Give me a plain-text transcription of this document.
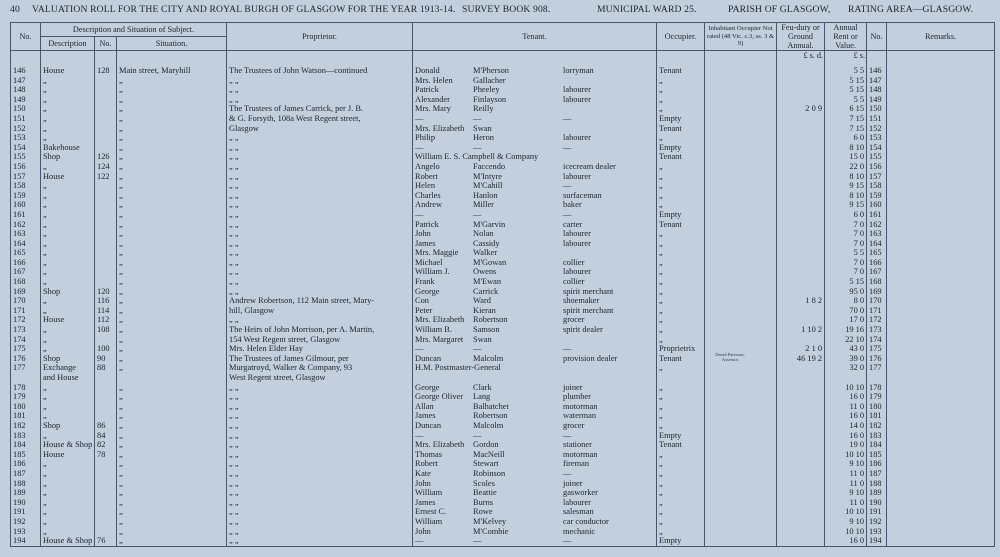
40 VALUATION ROLL FOR THE CITY AND ROYAL BURGH OF GLASGOW FOR THE YEAR 1913-14. SURVEY BOOK 908.	MUNICIPAL WARD 25.	PARISH OF GLASGOW, RATING AREA—GLASGOW.
No.	Description and Situation of Subject.			Proprietor.	Tenant.	Occupier.	Inhabitant Occupier Not rated (48 Vic. c.3, ss. 3 & 9)	Feu-duty or Ground Annual.	Annual Rent or Value.	No.	Remarks.
	Description	No.	Situation.								
								£ s. d.	£ s.		

146	House	128	Main street, Maryhill	The Trustees of John Watson—continued	Donald M'Pherson lorryman	Tenant			5 5	146	
147	„		„	„ „	Mrs. Helen Gallacher	„			5 15	147	
148	„		„	„ „	Patrick Pheeley labourer	„			5 15	148	
149	„		„	„ „	Alexander Finlayson labourer	„			5 5	149	
150	„		„	The Trustees of James Carrick, per J. B.	Mrs. Mary Reilly	„		2 0 9	6 15	150	
151	„		„	& G. Forsyth, 108a West Regent street,	— — —	Empty			7 15	151	
152	„		„	Glasgow	Mrs. Elizabeth Swan	Tenant			7 15	152	
153	„		„	„ „	Philip Heron labourer	„			6 0	153	
154	Bakehouse		„	„ „	— — —	Empty			8 10	154	
155	Shop	126	„	„ „	William E. S. Campbell & Company	Tenant			15 0	155	
156	„	124	„	„ „	Angelo Faccendo icecream dealer	„			22 0	156	
157	House	122	„	„ „	Robert M'Intyre labourer	„			8 10	157	
158	„		„	„ „	Helen M'Cahill —	„			9 15	158	
159	„		„	„ „	Charles Hanlon surfaceman	„			8 10	159	
160	„		„	„ „	Andrew Miller baker	„			9 15	160	
161	„		„	„ „	— — —	Empty			6 0	161	
162	„		„	„ „	Patrick M'Garvin carter	Tenant			7 0	162	
163	„		„	„ „	John Nolan labourer	„			7 0	163	
164	„		„	„ „	James Cassidy labourer	„			7 0	164	
165	„		„	„ „	Mrs. Maggie Walker	„			5 5	165	
166	„		„	„ „	Michael M'Gowan collier	„			7 0	166	
167	„		„	„ „	William J. Owens labourer	„			7 0	167	
168	„		„	„ „	Frank M'Ewan collier	„			5 15	168	
169	Shop	120	„	„ „	George Carrick spirit merchant	„			95 0	169	
170	„	116	„	Andrew Robertson, 112 Main street, Mary-	Con Ward shoemaker	„		1 8 2	8 0	170	
171	„	114	„	hill, Glasgow	Peter Kieran spirit merchant	„			70 0	171	
172	House	112	„	„ „	Mrs. Elizabeth Robertson grocer	„			17 0	172	
173	„	108	„	The Heirs of John Morrison, per A. Martin,	William B. Samson spirit dealer	„		1 10 2	19 16	173	
174	„		„	154 West Regent street, Glasgow	Mrs. Margaret Swan	„			22 10	174	
175	„	100	„	Mrs. Helen Elder Hay	— — —	Proprietrix		2 1 0	43 0	175	
176	Shop	90	„	The Trustees of James Gilmour, per	Duncan Malcolm provision dealer	Tenant		46 19 2	39 0	176	
177	Exchange	88	„	Murgatroyd, Walker & Company, 93	H.M. Postmaster-General	„			32 0	177	
	and House			West Regent street, Glasgow							
178	„		„	„ „	George Clark joiner	„			10 10	178	
179	„		„	„ „	George Oliver Lang plumber	„			16 0	179	
180	„		„	„ „	Allan Balhatchet motorman	„			11 0	180	
181	„		„	„ „	James Robertson waterman	„			16 0	181	
182	Shop	86	„	„ „	Duncan Malcolm grocer	„			14 0	182	
183	„	84	„	„ „	— — —	Empty			16 0	183	
184	House & Shop	82	„	„ „	Mrs. Elizabeth Gordon stationer	Tenant			19 0	184	
185	House	78	„	„ „	Thomas MacNeill motorman	„			10 10	185	
186	„		„	„ „	Robert Stewart fireman	„			9 10	186	
187	„		„	„ „	Kate Robinson —	„			11 0	187	
188	„		„	„ „	John Scoles joiner	„			11 0	188	
189	„		„	„ „	William Beattie gasworker	„			9 10	189	
190	„		„	„ „	James Burns labourer	„			11 0	190	
191	„		„	„ „	Ernest C. Rowe salesman	„			10 10	191	
192	„		„	„ „	William M'Kelvey car conductor	„			9 10	192	
193	„		„	„ „	John M'Combie mechanic	„			10 10	193	
194	House & Shop	76	„	„ „	— — —	Empty			16 0	194	
David Paterson, Assessor
